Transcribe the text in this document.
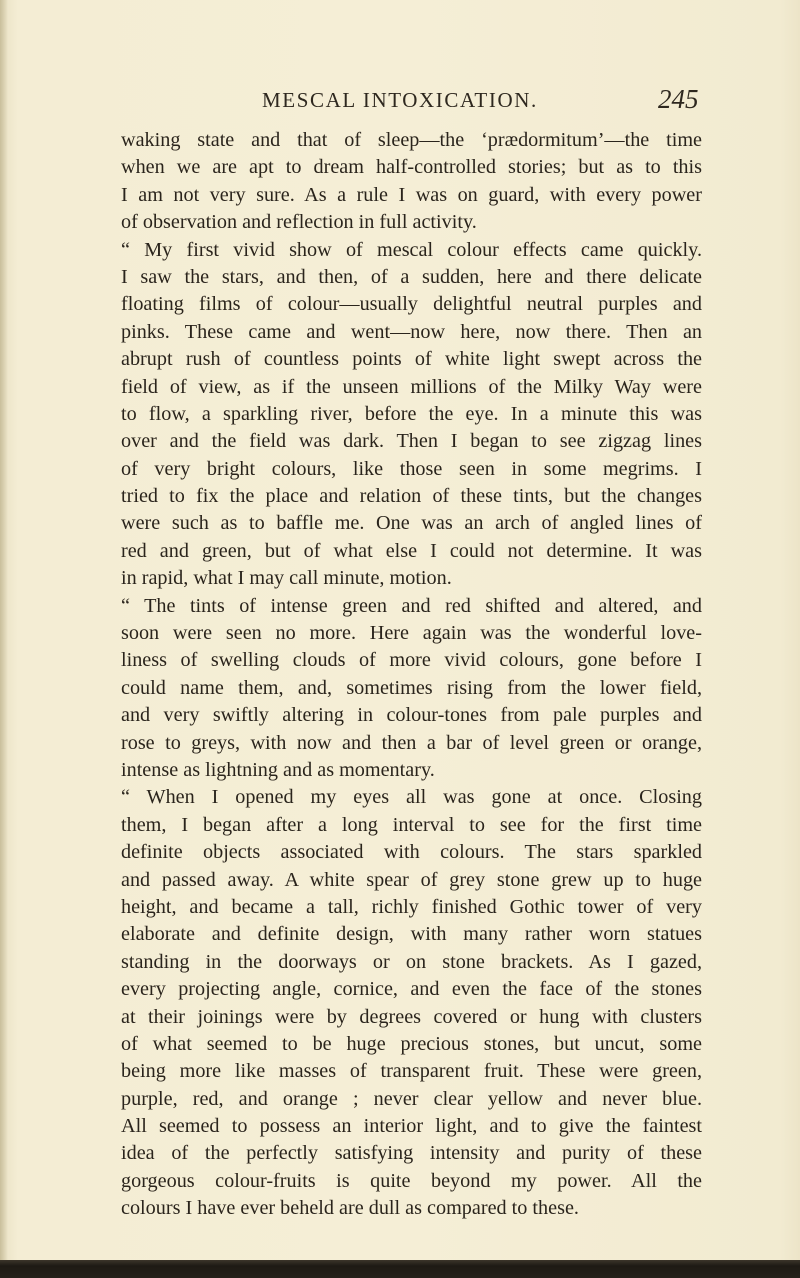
MESCAL INTOXICATION.	245
waking state and that of sleep—the ‘prædormitum’—the time
when we are apt to dream half-controlled stories; but as to this
I am not very sure. As a rule I was on guard, with every power
of observation and reflection in full activity.
“ My first vivid show of mescal colour effects came quickly.
I saw the stars, and then, of a sudden, here and there delicate
floating films of colour—usually delightful neutral purples and
pinks. These came and went—now here, now there. Then an
abrupt rush of countless points of white light swept across the
field of view, as if the unseen millions of the Milky Way were
to flow, a sparkling river, before the eye. In a minute this was
over and the field was dark. Then I began to see zigzag lines
of very bright colours, like those seen in some megrims. I
tried to fix the place and relation of these tints, but the changes
were such as to baffle me. One was an arch of angled lines of
red and green, but of what else I could not determine. It was
in rapid, what I may call minute, motion.
“ The tints of intense green and red shifted and altered, and
soon were seen no more. Here again was the wonderful love-
liness of swelling clouds of more vivid colours, gone before I
could name them, and, sometimes rising from the lower field,
and very swiftly altering in colour-tones from pale purples and
rose to greys, with now and then a bar of level green or orange,
intense as lightning and as momentary.
“ When I opened my eyes all was gone at once. Closing
them, I began after a long interval to see for the first time
definite objects associated with colours. The stars sparkled
and passed away. A white spear of grey stone grew up to huge
height, and became a tall, richly finished Gothic tower of very
elaborate and definite design, with many rather worn statues
standing in the doorways or on stone brackets. As I gazed,
every projecting angle, cornice, and even the face of the stones
at their joinings were by degrees covered or hung with clusters
of what seemed to be huge precious stones, but uncut, some
being more like masses of transparent fruit. These were green,
purple, red, and orange ; never clear yellow and never blue.
All seemed to possess an interior light, and to give the faintest
idea of the perfectly satisfying intensity and purity of these
gorgeous colour-fruits is quite beyond my power. All the
colours I have ever beheld are dull as compared to these.
